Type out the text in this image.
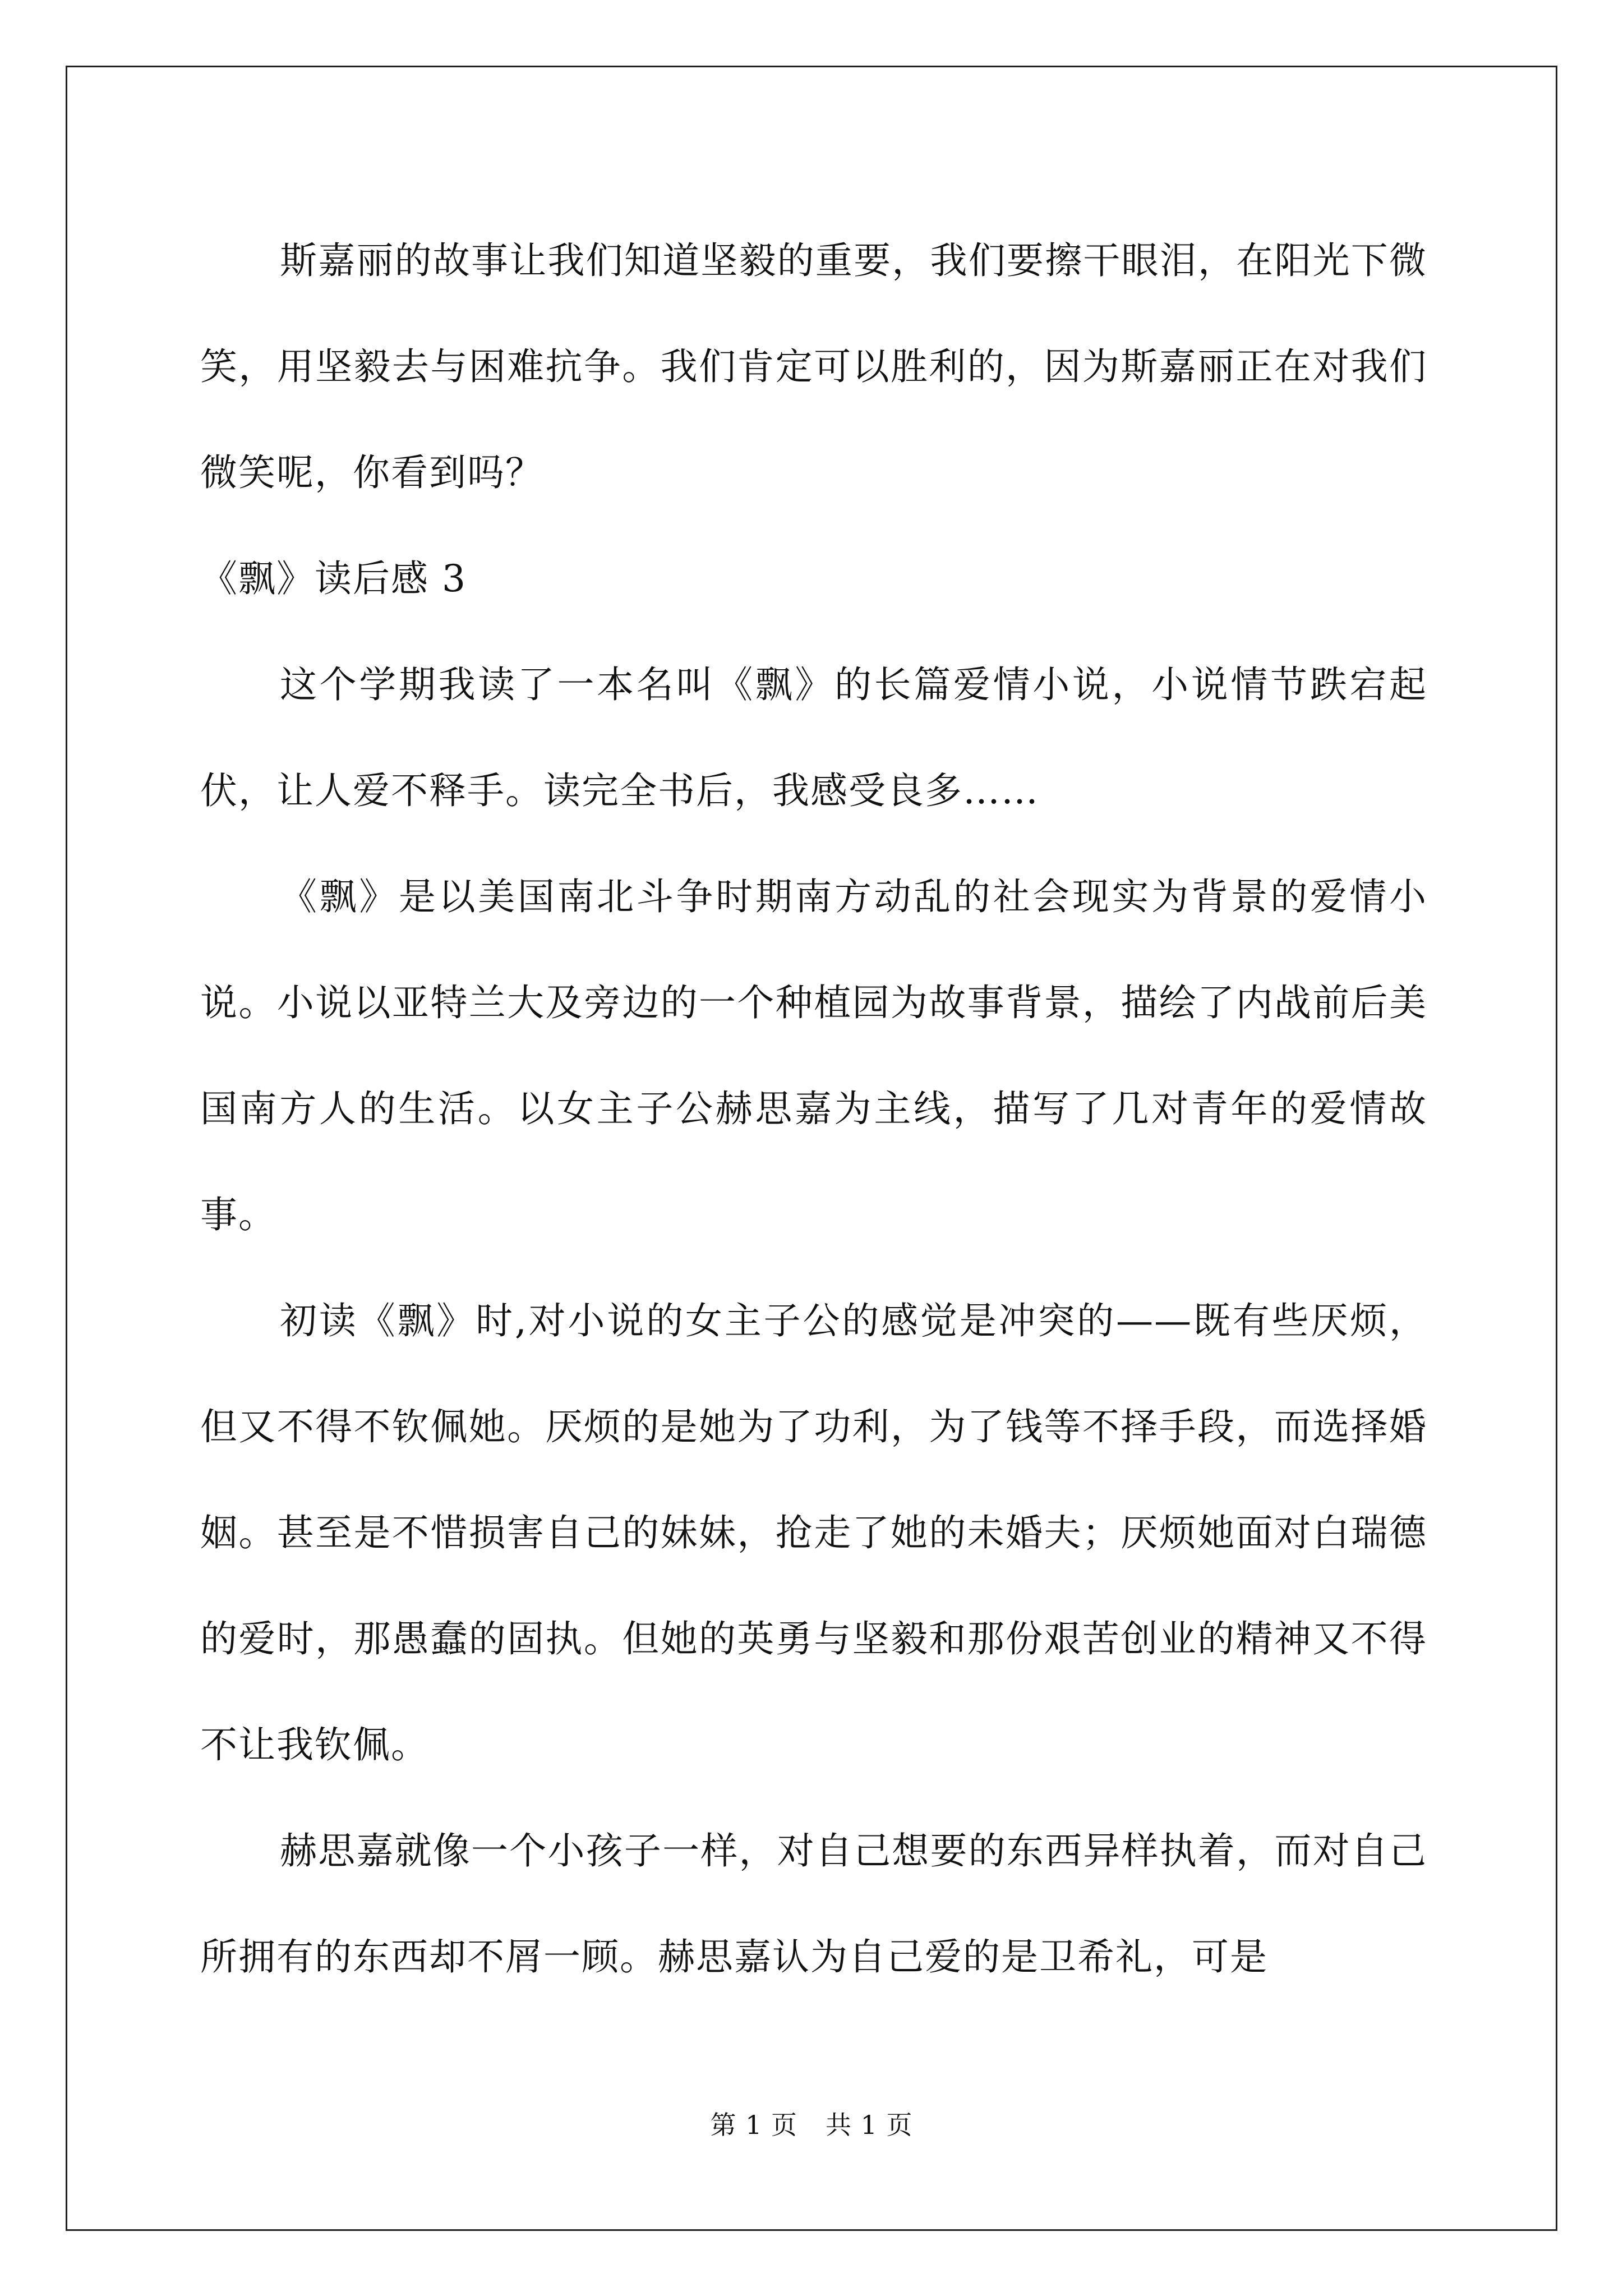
斯嘉丽的故事让我们知道坚毅的重要，我们要擦干眼泪，在阳光下微笑，用坚毅去与困难抗争。我们肯定可以胜利的，因为斯嘉丽正在对我们微笑呢，你看到吗？

《飘》读后感 3

这个学期我读了一本名叫《飘》的长篇爱情小说，小说情节跌宕起伏，让人爱不释手。读完全书后，我感受良多……

《飘》是以美国南北斗争时期南方动乱的社会现实为背景的爱情小说。小说以亚特兰大及旁边的一个种植园为故事背景，描绘了内战前后美国南方人的生活。以女主子公赫思嘉为主线，描写了几对青年的爱情故事。

初读《飘》时,对小说的女主子公的感觉是冲突的——既有些厌烦，但又不得不钦佩她。厌烦的是她为了功利，为了钱等不择手段，而选择婚姻。甚至是不惜损害自己的妹妹，抢走了她的未婚夫；厌烦她面对白瑞德的爱时，那愚蠢的固执。但她的英勇与坚毅和那份艰苦创业的精神又不得不让我钦佩。

赫思嘉就像一个小孩子一样，对自己想要的东西异样执着，而对自己所拥有的东西却不屑一顾。赫思嘉认为自己爱的是卫希礼，可是

第 1 页 共 1 页
